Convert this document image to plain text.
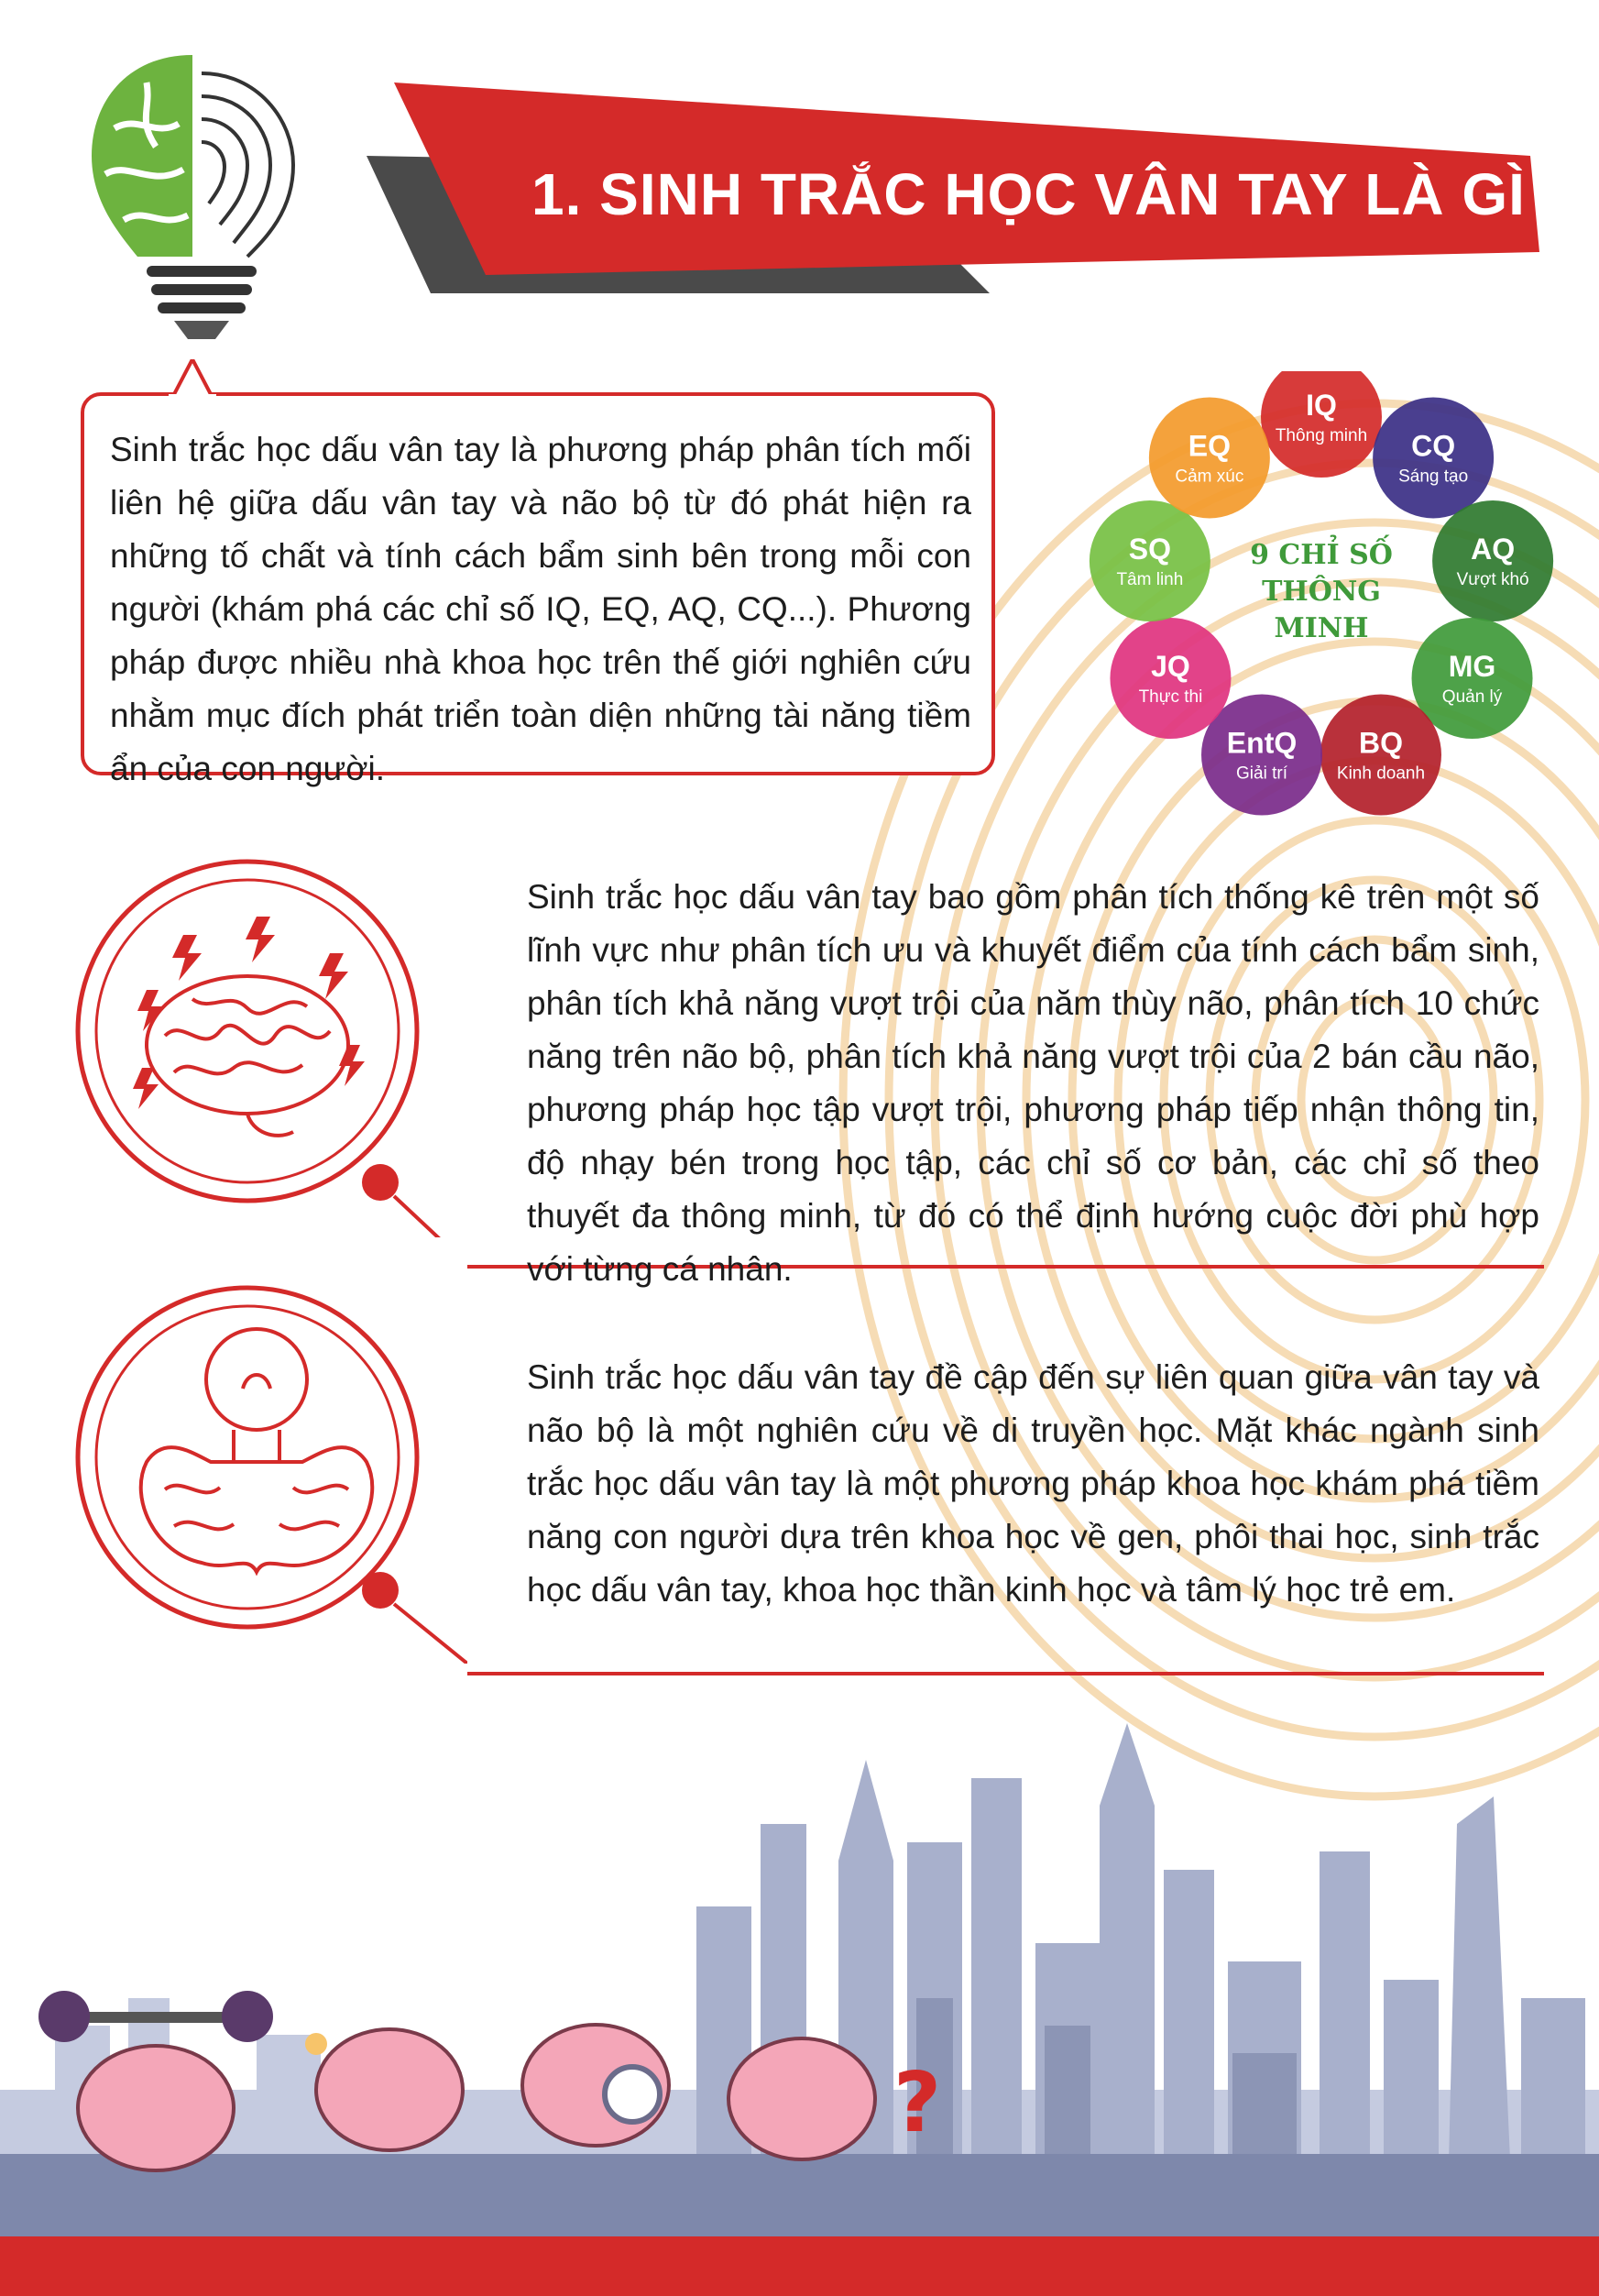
1. SINH TRẮC HỌC VÂN TAY LÀ GÌ ?
Sinh trắc học dấu vân tay là phương pháp phân tích mối liên hệ giữa dấu vân tay và não bộ từ đó phát hiện ra những tố chất và tính cách bẩm sinh bên trong mỗi con người (khám phá các chỉ số IQ, EQ, AQ, CQ...). Phương pháp được nhiều nhà khoa học trên thế giới nghiên cứu nhằm mục đích phát triển toàn diện những tài năng tiềm ẩn của con người.
IQ
Thông minh CQ
Sáng tạo
AQ
Vượt khó
MG
Quản lý
BQ
Kinh doanh
EntQ
Giải trí
JQ
Thực thi
SQ
Tâm linh
EQ
Cảm xúc
9 CHỈ SỐ
THÔNG
MINH
Sinh trắc học dấu vân tay bao gồm phân tích thống kê trên một số lĩnh vực như phân tích ưu và khuyết điểm của tính cách bẩm sinh, phân tích khả năng vượt trội của năm thùy não, phân tích 10 chức năng trên não bộ, phân tích khả năng vượt trội của 2 bán cầu não, phương pháp học tập vượt trội, phương pháp tiếp nhận thông tin, độ nhạy bén trong học tập, các chỉ số cơ bản, các chỉ số theo thuyết đa thông minh, từ đó có thể định hướng cuộc đời phù hợp với từng cá nhân.
Sinh trắc học dấu vân tay đề cập đến sự liên quan giữa vân tay và não bộ là một nghiên cứu về di truyền học. Mặt khác ngành sinh trắc học dấu vân tay là một phương pháp khoa học khám phá tiềm năng con người dựa trên khoa học về gen, phôi thai học, sinh trắc học dấu vân tay, khoa học thần kinh học và tâm lý học trẻ em.
?
